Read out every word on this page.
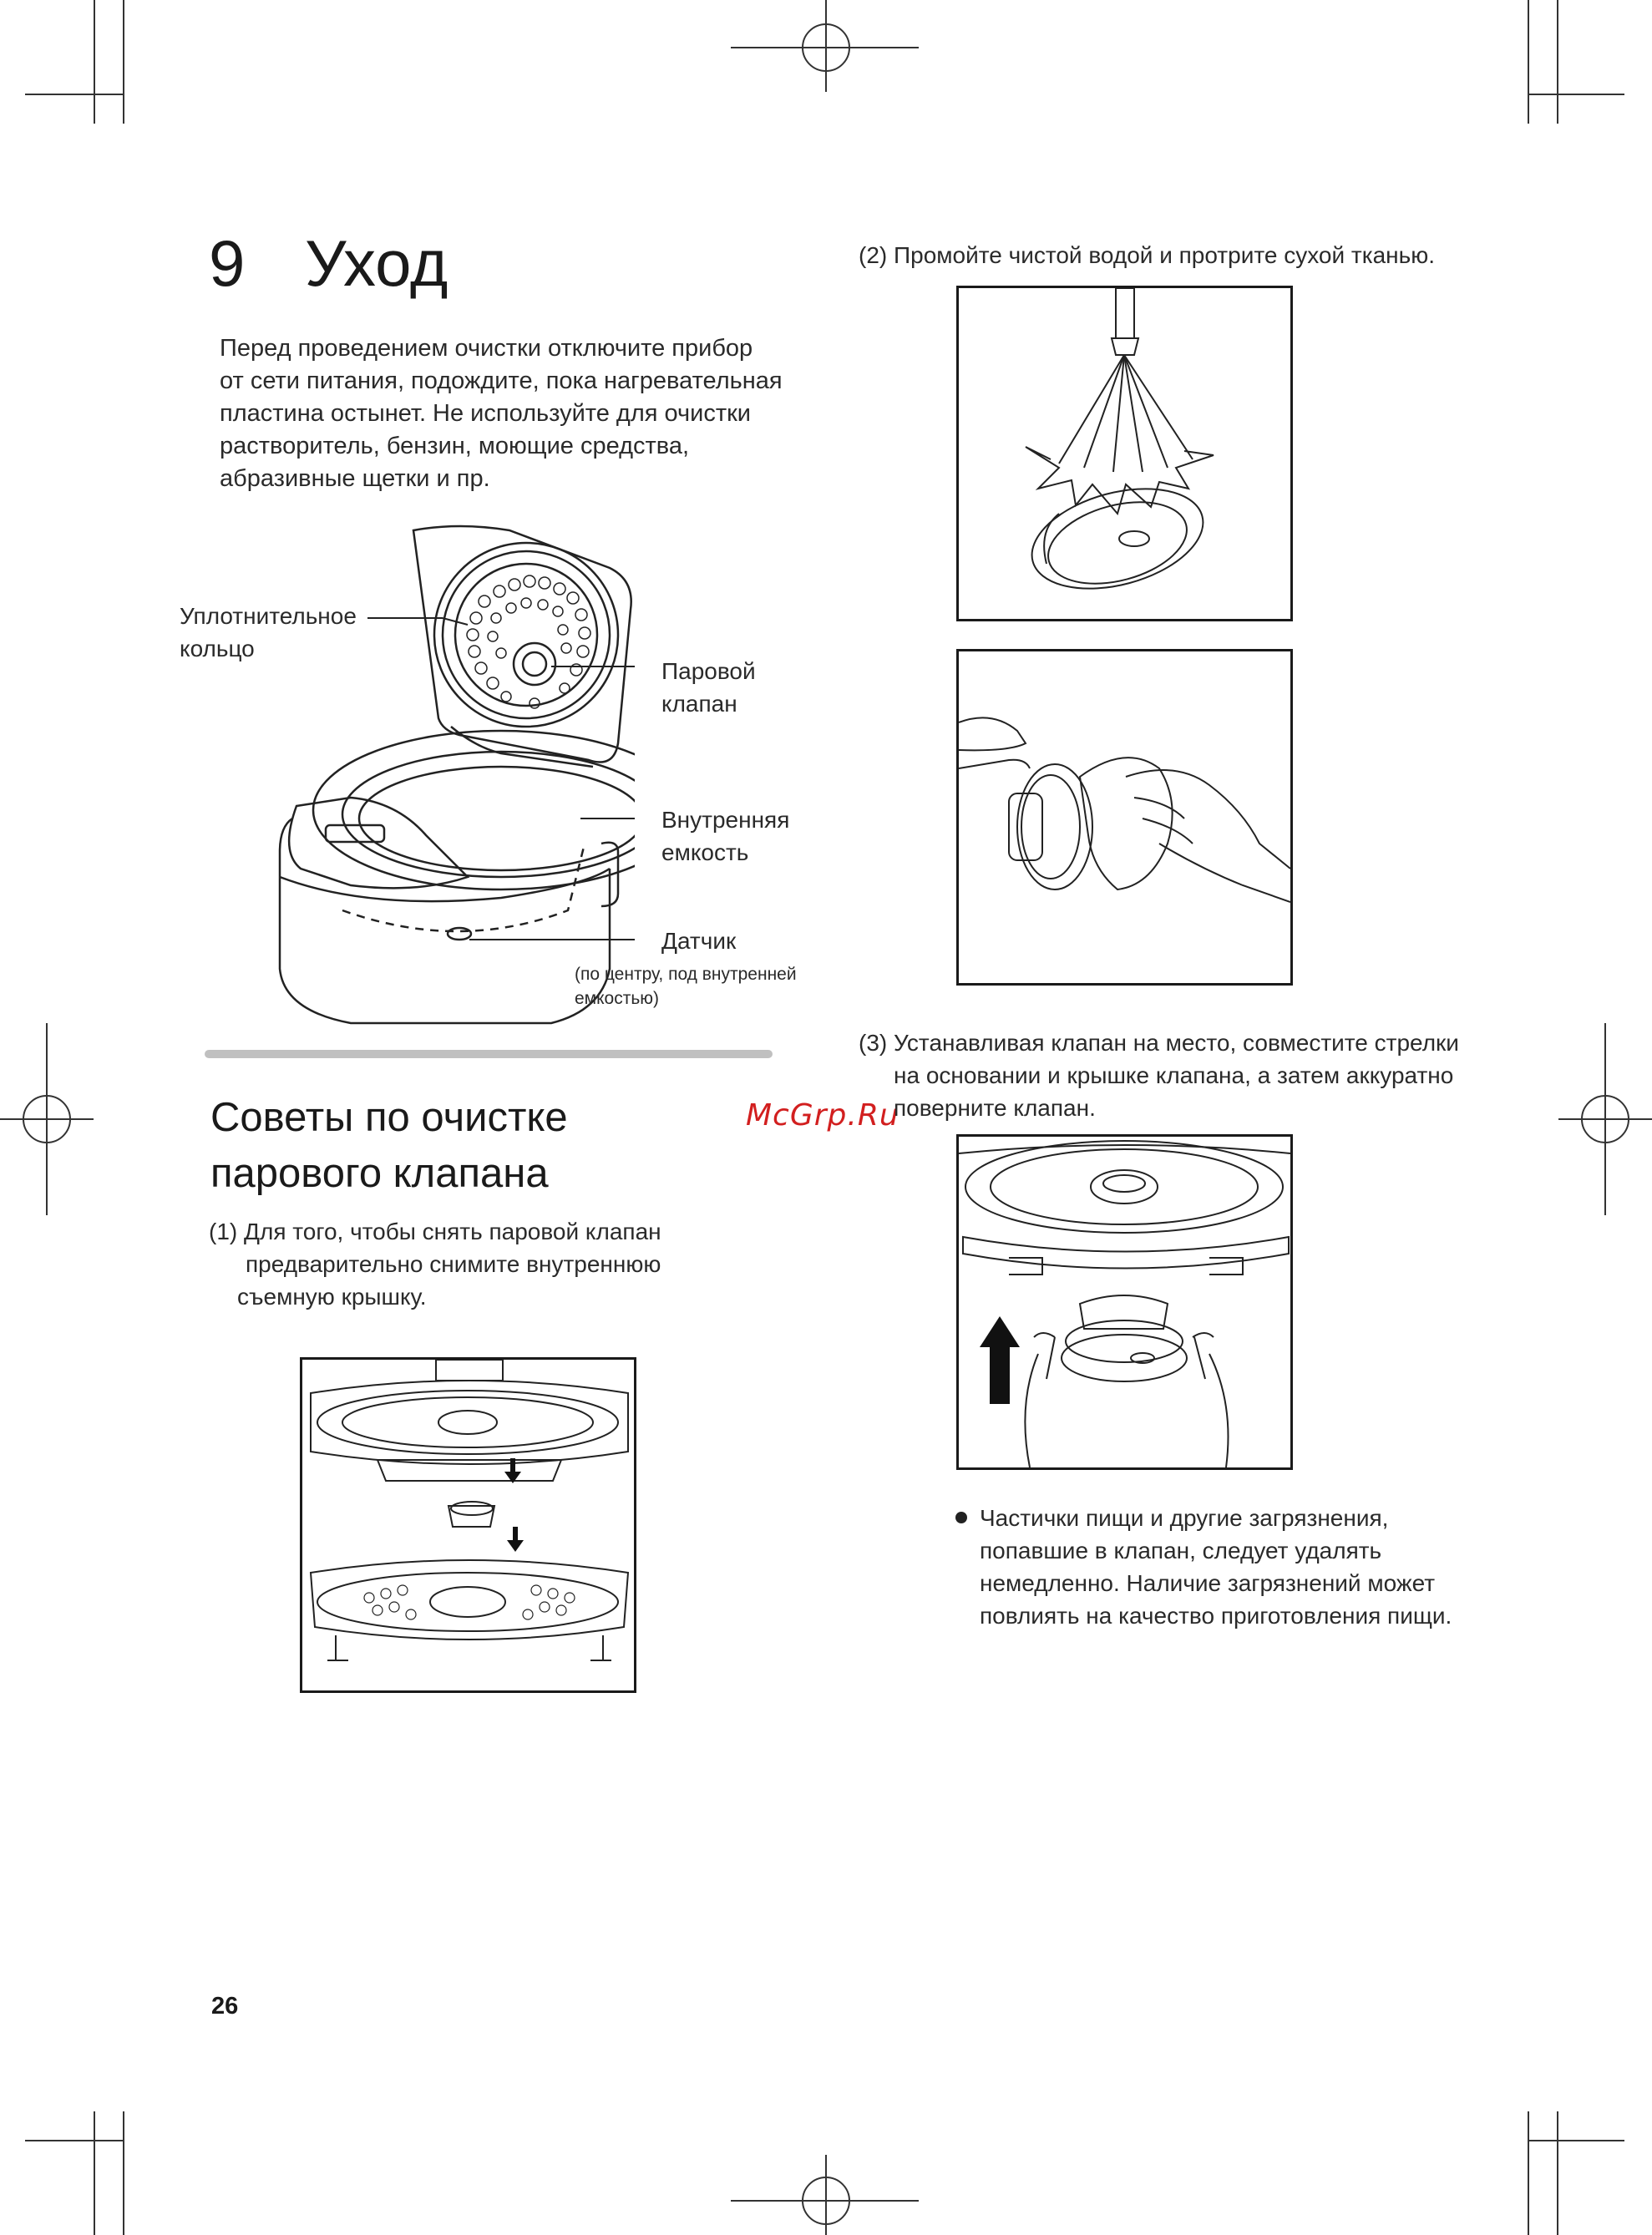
9 Уход
Перед проведением очистки отключите прибор
от сети питания, подождите, пока нагревательная
пластина остынет. Не используйте для очистки
растворитель, бензин, моющие средства,
абразивные щетки и пр.
Уплотнительное
кольцо
Паровой
клапан
Внутренняя
емкость
Датчик
(по центру, под внутренней
емкостью)
Советы по очистке
парового клапана
McGrp.Ru
(1) Для того, чтобы снять паровой клапан
предварительно снимите внутреннюю
съемную крышку.
(2) Промойте чистой водой и протрите сухой тканью.
(3) Устанавливая клапан на место, совместите стрелки
на основании и крышке клапана, а затем аккуратно
поверните клапан.
Частички пищи и другие загрязнения,
попавшие в клапан, следует удалять
немедленно. Наличие загрязнений может
повлиять на качество приготовления пищи.
26
